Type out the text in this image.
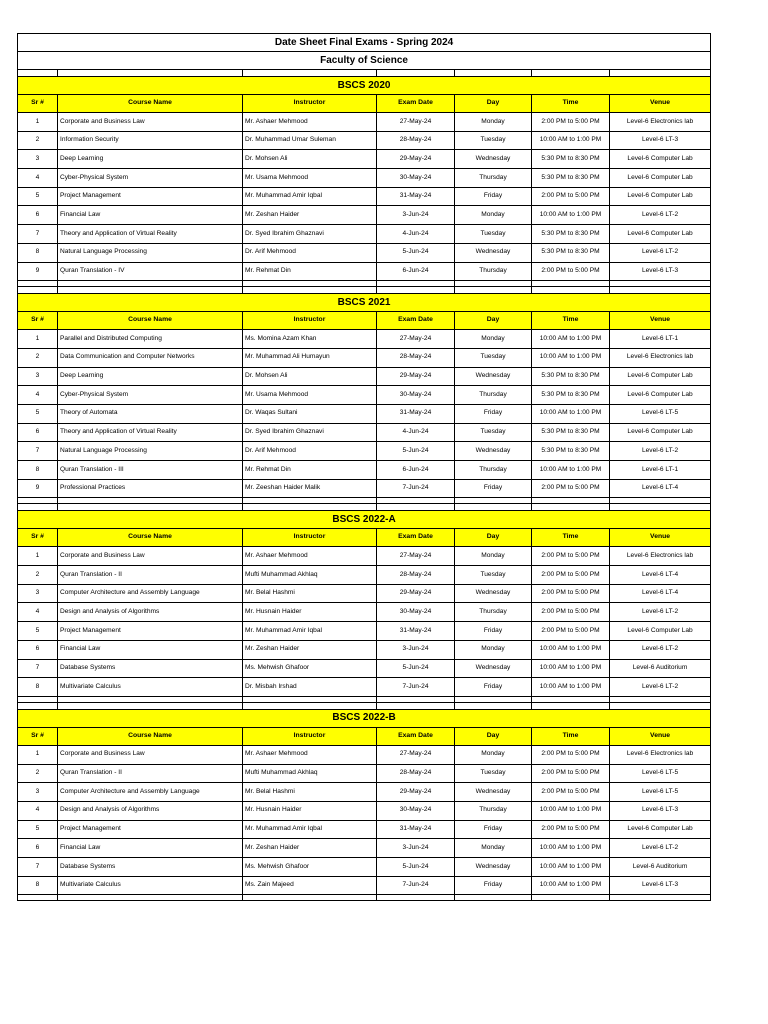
Date Sheet Final Exams - Spring 2024						
Faculty of Science						

BSCS 2020						
Sr #	Course Name	Instructor	Exam Date	Day	Time	Venue
1	Corporate and Business Law	Mr. Ashaer Mehmood	27-May-24	Monday	2:00 PM to 5:00 PM	Level-6 Electronics lab
2	Information Security	Dr. Muhammad Umar Suleman	28-May-24	Tuesday	10:00 AM to 1:00 PM	Level-6 LT-3
3	Deep Learning	Dr. Mohsen Ali	29-May-24	Wednesday	5:30 PM to 8:30 PM	Level-6 Computer Lab
4	Cyber-Physical System	Mr. Usama Mehmood	30-May-24	Thursday	5:30 PM to 8:30 PM	Level-6 Computer Lab
5	Project Management	Mr. Muhammad Amir Iqbal	31-May-24	Friday	2:00 PM to 5:00 PM	Level-6 Computer Lab
6	Financial Law	Mr. Zeshan Haider	3-Jun-24	Monday	10:00 AM to 1:00 PM	Level-6 LT-2
7	Theory and Application of Virtual Reality	Dr. Syed Ibrahim Ghaznavi	4-Jun-24	Tuesday	5:30 PM to 8:30 PM	Level-6 Computer Lab
8	Natural Language Processing	Dr. Arif Mehmood	5-Jun-24	Wednesday	5:30 PM to 8:30 PM	Level-6 LT-2
9	Quran Translation - IV	Mr. Rehmat Din	6-Jun-24	Thursday	2:00 PM to 5:00 PM	Level-6 LT-3

BSCS 2021						
Sr #	Course Name	Instructor	Exam Date	Day	Time	Venue
1	Parallel and Distributed Computing	Ms. Momina Azam Khan	27-May-24	Monday	10:00 AM to 1:00 PM	Level-6 LT-1
2	Data Communication and Computer Networks	Mr. Muhammad Ali Humayun	28-May-24	Tuesday	10:00 AM to 1:00 PM	Level-6 Electronics lab
3	Deep Learning	Dr. Mohsen Ali	29-May-24	Wednesday	5:30 PM to 8:30 PM	Level-6 Computer Lab
4	Cyber-Physical System	Mr. Usama Mehmood	30-May-24	Thursday	5:30 PM to 8:30 PM	Level-6 Computer Lab
5	Theory of Automata	Dr. Waqas Sultani	31-May-24	Friday	10:00 AM to 1:00 PM	Level-6 LT-5
6	Theory and Application of Virtual Reality	Dr. Syed Ibrahim Ghaznavi	4-Jun-24	Tuesday	5:30 PM to 8:30 PM	Level-6 Computer Lab
7	Natural Language Processing	Dr. Arif Mehmood	5-Jun-24	Wednesday	5:30 PM to 8:30 PM	Level-6 LT-2
8	Quran Translation - III	Mr. Rehmat Din	6-Jun-24	Thursday	10:00 AM to 1:00 PM	Level-6 LT-1
9	Professional Practices	Mr. Zeeshan Haider Malik	7-Jun-24	Friday	2:00 PM to 5:00 PM	Level-6 LT-4

BSCS 2022-A						
Sr #	Course Name	Instructor	Exam Date	Day	Time	Venue
1	Corporate and Business Law	Mr. Ashaer Mehmood	27-May-24	Monday	2:00 PM to 5:00 PM	Level-6 Electronics lab
2	Quran Translation - II	Mufti Muhammad Akhlaq	28-May-24	Tuesday	2:00 PM to 5:00 PM	Level-6 LT-4
3	Computer Architecture and Assembly Language	Mr. Belal Hashmi	29-May-24	Wednesday	2:00 PM to 5:00 PM	Level-6 LT-4
4	Design and Analysis of Algorithms	Mr. Husnain Haider	30-May-24	Thursday	2:00 PM to 5:00 PM	Level-6 LT-2
5	Project Management	Mr. Muhammad Amir Iqbal	31-May-24	Friday	2:00 PM to 5:00 PM	Level-6 Computer Lab
6	Financial Law	Mr. Zeshan Haider	3-Jun-24	Monday	10:00 AM to 1:00 PM	Level-6 LT-2
7	Database Systems	Ms. Mehwish Ghafoor	5-Jun-24	Wednesday	10:00 AM to 1:00 PM	Level-6 Auditorium
8	Multivariate Calculus	Dr. Misbah Irshad	7-Jun-24	Friday	10:00 AM to 1:00 PM	Level-6 LT-2

BSCS 2022-B						
Sr #	Course Name	Instructor	Exam Date	Day	Time	Venue
1	Corporate and Business Law	Mr. Ashaer Mehmood	27-May-24	Monday	2:00 PM to 5:00 PM	Level-6 Electronics lab
2	Quran Translation - II	Mufti Muhammad Akhlaq	28-May-24	Tuesday	2:00 PM to 5:00 PM	Level-6 LT-5
3	Computer Architecture and Assembly Language	Mr. Belal Hashmi	29-May-24	Wednesday	2:00 PM to 5:00 PM	Level-6 LT-5
4	Design and Analysis of Algorithms	Mr. Husnain Haider	30-May-24	Thursday	10:00 AM to 1:00 PM	Level-6 LT-3
5	Project Management	Mr. Muhammad Amir Iqbal	31-May-24	Friday	2:00 PM to 5:00 PM	Level-6 Computer Lab
6	Financial Law	Mr. Zeshan Haider	3-Jun-24	Monday	10:00 AM to 1:00 PM	Level-6 LT-2
7	Database Systems	Ms. Mehwish Ghafoor	5-Jun-24	Wednesday	10:00 AM to 1:00 PM	Level-6 Auditorium
8	Multivariate Calculus	Ms. Zain Majeed	7-Jun-24	Friday	10:00 AM to 1:00 PM	Level-6 LT-3
